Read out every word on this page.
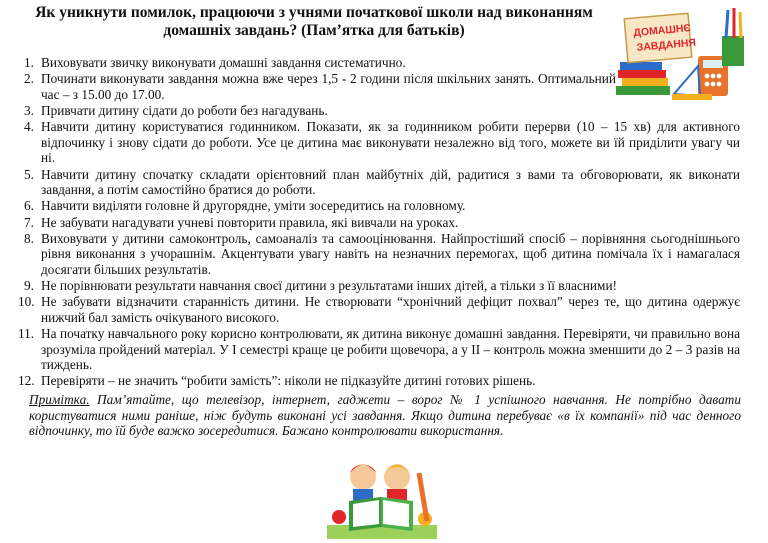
Як уникнути помилок, працюючи з учнями початкової школи над виконанням домашніх завдань? (Пам’ятка для батьків)	ДОМАШНЄ
ЗАВДАННЯ
1. Виховувати звичку виконувати домашні завдання систематично.
2. Починати виконувати завдання можна вже через 1,5 - 2 години після шкільних занять. Оптимальний час – з 15.00 до 17.00.
3. Привчати дитину сідати до роботи без нагадувань.
4. Навчити дитину користуватися годинником. Показати, як за годинником робити перерви (10 – 15 хв) для активного відпочинку і знову сідати до роботи. Усе це дитина має виконувати незалежно від того, можете ви їй приділити увагу чи ні.
5. Навчити дитину спочатку складати орієнтовний план майбутніх дій, радитися з вами та обговорювати, як виконати завдання, а потім самостійно братися до роботи.
6. Навчити виділяти головне й другорядне, уміти зосередитись на головному.
7. Не забувати нагадувати учневі повторити правила, які вивчали на уроках.
8. Виховувати у дитини самоконтроль, самоаналіз та самооцінювання. Найпростіший спосіб – порівняння сьогоднішнього рівня виконання з учорашнім. Акцентувати увагу навіть на незначних перемогах, щоб дитина помічала їх і намагалася досягати більших результатів.
9. Не порівнювати результати навчання своєї дитини з результатами інших дітей, а тільки з її власними!
10. Не забувати відзначити старанність дитини. Не створювати “хронічний дефіцит похвал” через те, що дитина одержує нижчий бал замість очікуваного високого.
11. На початку навчального року корисно контролювати, як дитина виконує домашні завдання. Перевіряти, чи правильно вона зрозуміла пройдений матеріал. У І семестрі краще це робити щовечора, а у ІІ – контроль можна зменшити до 2 – 3 разів на тиждень.
12. Перевіряти – не значить “робити замість”: ніколи не підказуйте дитині готових рішень.
Примітка. Пам’ятайте, що телевізор, інтернет, гаджети – ворог № 1 успішного навчання. Не потрібно давати користуватися ними раніше, ніж будуть виконані усі завдання. Якщо дитина перебуває «в їх компанії» під час денного відпочинку, то їй буде важко зосередитися. Бажано контролювати використання.
